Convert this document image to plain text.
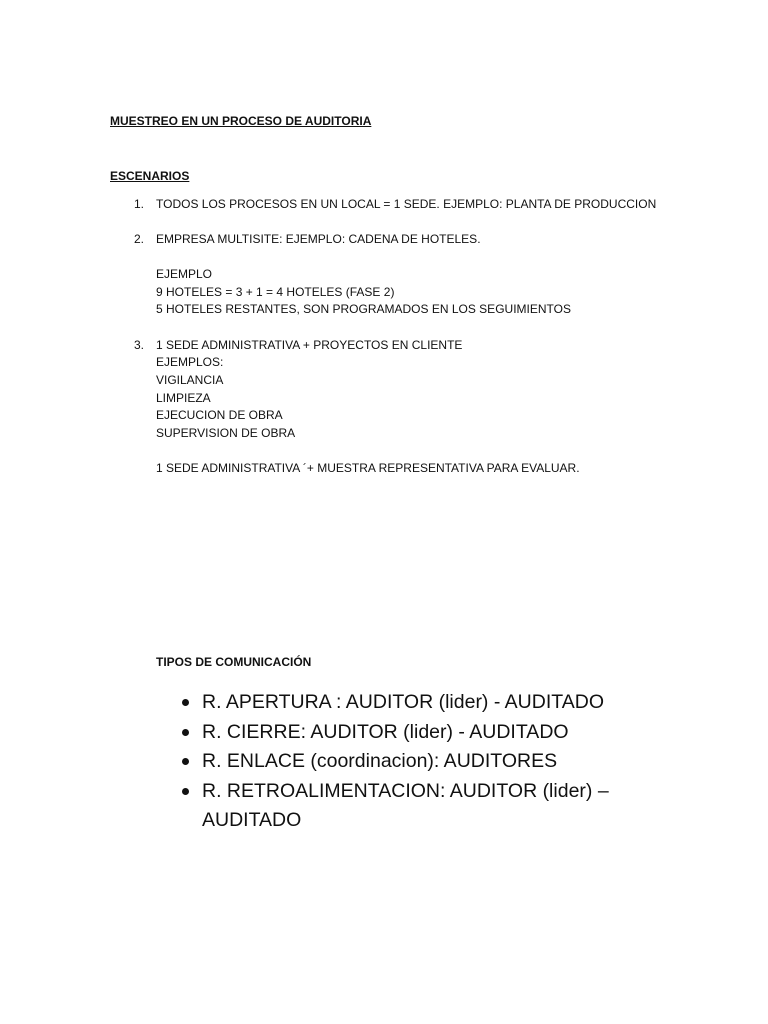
MUESTREO EN UN PROCESO DE AUDITORIA
ESCENARIOS
1. TODOS LOS PROCESOS EN UN LOCAL = 1 SEDE. EJEMPLO: PLANTA DE PRODUCCION
2. EMPRESA MULTISITE: EJEMPLO: CADENA DE HOTELES.
EJEMPLO
9 HOTELES = 3 + 1 = 4 HOTELES (FASE 2)
5 HOTELES RESTANTES, SON PROGRAMADOS EN LOS SEGUIMIENTOS
3. 1 SEDE ADMINISTRATIVA + PROYECTOS EN CLIENTE
EJEMPLOS:
VIGILANCIA
LIMPIEZA
EJECUCION DE OBRA
SUPERVISION DE OBRA
1 SEDE ADMINISTRATIVA ´+ MUESTRA REPRESENTATIVA PARA EVALUAR.
TIPOS DE COMUNICACIÓN
R. APERTURA : AUDITOR (lider) - AUDITADO
R. CIERRE: AUDITOR (lider) - AUDITADO
R. ENLACE (coordinacion): AUDITORES
R. RETROALIMENTACION: AUDITOR (lider) –
AUDITADO
